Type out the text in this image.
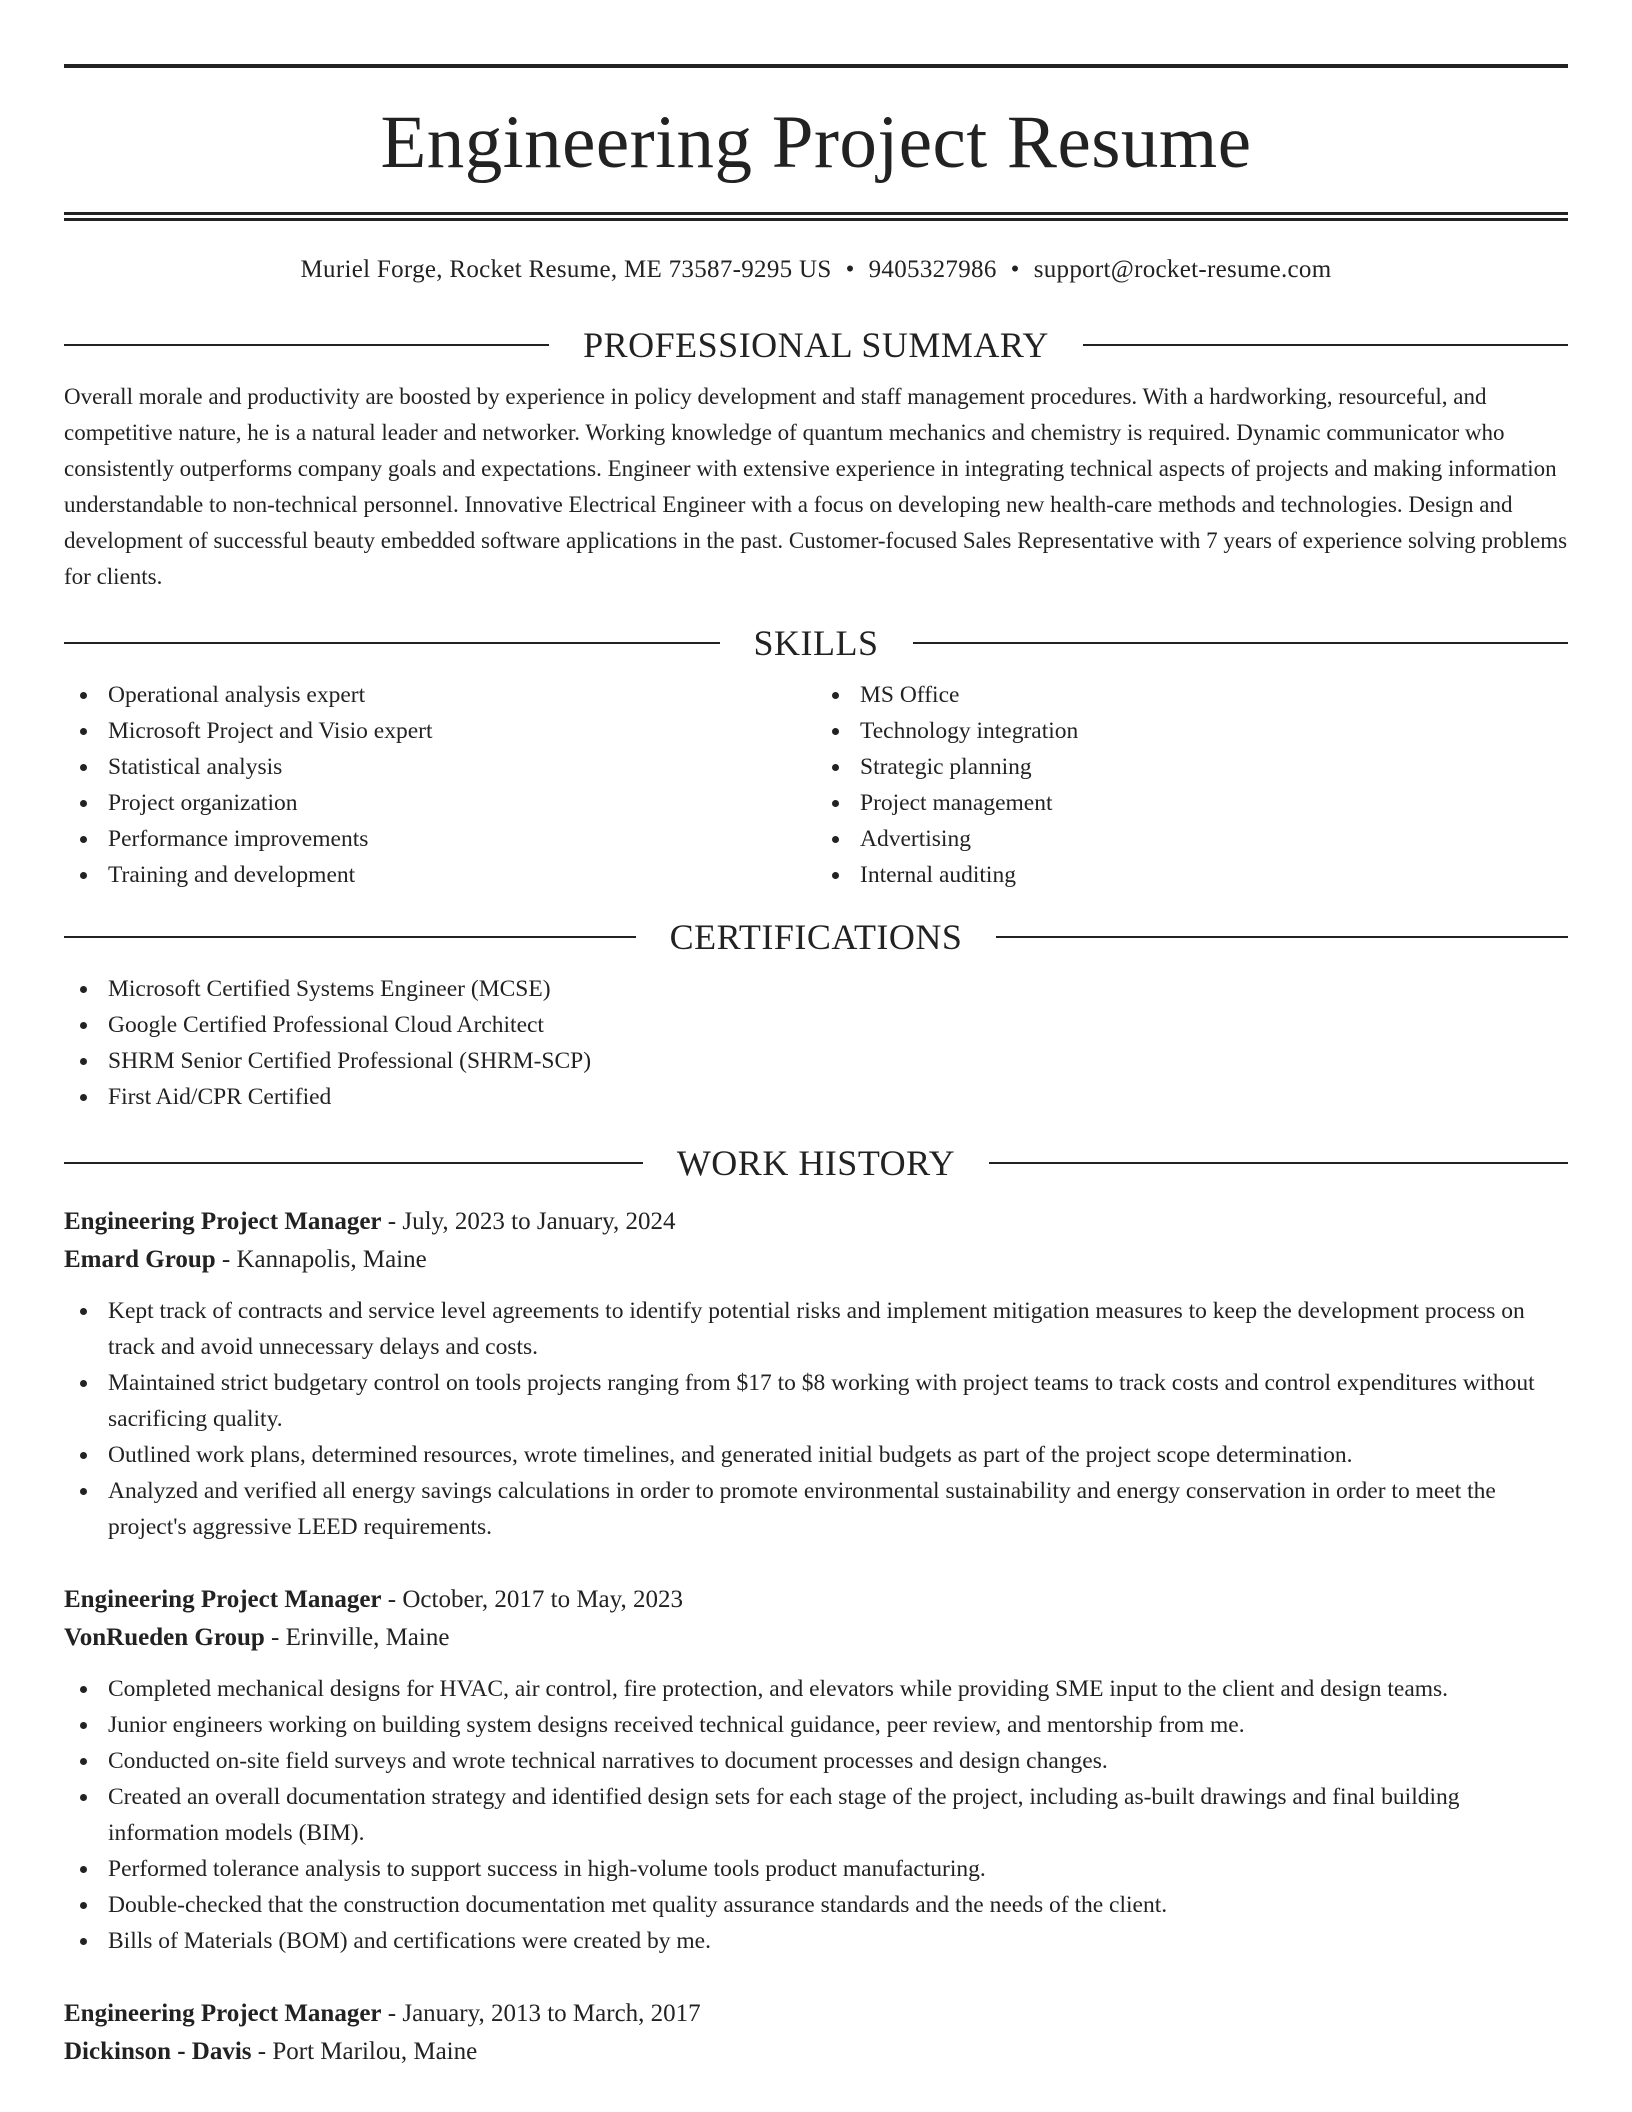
Engineering Project Resume
Muriel Forge, Rocket Resume, ME 73587-9295 US • 9405327986 • support@rocket-resume.com
PROFESSIONAL SUMMARY
Overall morale and productivity are boosted by experience in policy development and staff management procedures. With a hardworking, resourceful, and competitive nature, he is a natural leader and networker. Working knowledge of quantum mechanics and chemistry is required. Dynamic communicator who consistently outperforms company goals and expectations. Engineer with extensive experience in integrating technical aspects of projects and making information understandable to non-technical personnel. Innovative Electrical Engineer with a focus on developing new health-care methods and technologies. Design and development of successful beauty embedded software applications in the past. Customer-focused Sales Representative with 7 years of experience solving problems for clients.
SKILLS
Operational analysis expert
Microsoft Project and Visio expert
Statistical analysis
Project organization
Performance improvements
Training and development
MS Office
Technology integration
Strategic planning
Project management
Advertising
Internal auditing
CERTIFICATIONS
Microsoft Certified Systems Engineer (MCSE)
Google Certified Professional Cloud Architect
SHRM Senior Certified Professional (SHRM-SCP)
First Aid/CPR Certified
WORK HISTORY
Engineering Project Manager - July, 2023 to January, 2024
Emard Group - Kannapolis, Maine
Kept track of contracts and service level agreements to identify potential risks and implement mitigation measures to keep the development process on track and avoid unnecessary delays and costs.
Maintained strict budgetary control on tools projects ranging from $17 to $8 working with project teams to track costs and control expenditures without sacrificing quality.
Outlined work plans, determined resources, wrote timelines, and generated initial budgets as part of the project scope determination.
Analyzed and verified all energy savings calculations in order to promote environmental sustainability and energy conservation in order to meet the project's aggressive LEED requirements.
Engineering Project Manager - October, 2017 to May, 2023
VonRueden Group - Erinville, Maine
Completed mechanical designs for HVAC, air control, fire protection, and elevators while providing SME input to the client and design teams.
Junior engineers working on building system designs received technical guidance, peer review, and mentorship from me.
Conducted on-site field surveys and wrote technical narratives to document processes and design changes.
Created an overall documentation strategy and identified design sets for each stage of the project, including as-built drawings and final building information models (BIM).
Performed tolerance analysis to support success in high-volume tools product manufacturing.
Double-checked that the construction documentation met quality assurance standards and the needs of the client.
Bills of Materials (BOM) and certifications were created by me.
Engineering Project Manager - January, 2013 to March, 2017
Dickinson - Davis - Port Marilou, Maine
